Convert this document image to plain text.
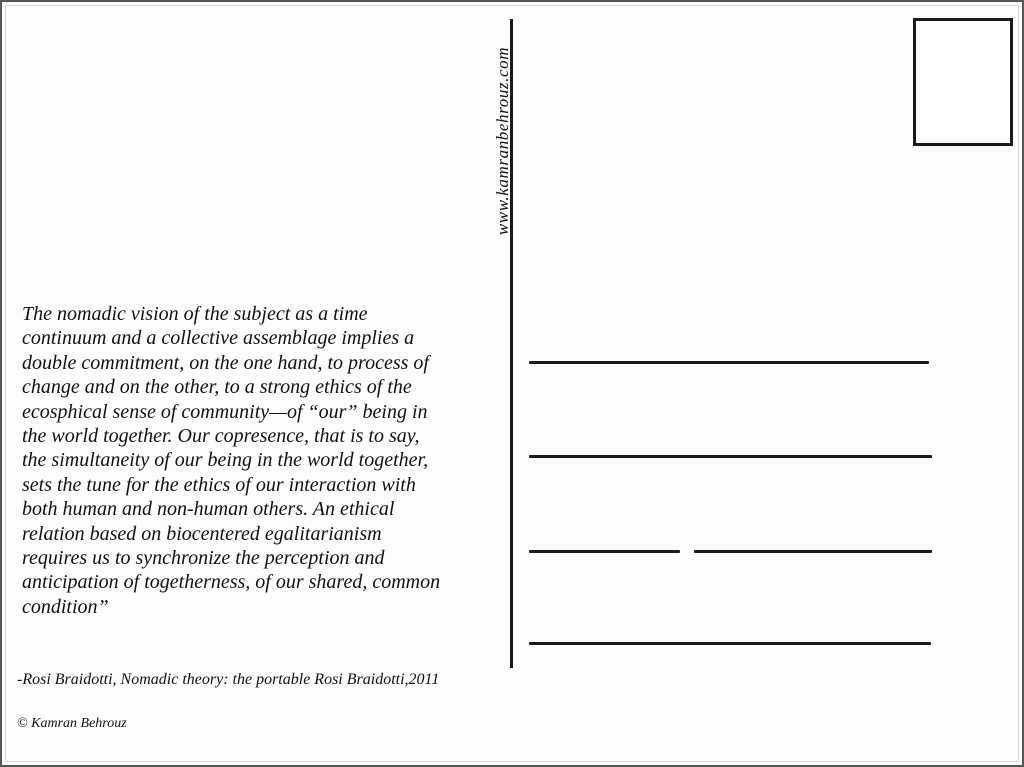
The nomadic vision of the subject as a time
continuum and a collective assemblage implies a
double commitment, on the one hand, to process of
change and on the other, to a strong ethics of the
ecosphical sense of community—of “our” being in
the world together. Our copresence, that is to say,
the simultaneity of our being in the world together,
sets the tune for the ethics of our interaction with
both human and non-human others. An ethical
relation based on biocentered egalitarianism
requires us to synchronize the perception and
anticipation of togetherness, of our shared, common
condition”

-Rosi Braidotti, Nomadic theory: the portable Rosi Braidotti,2011

© Kamran Behrouz

www.kamranbehrouz.com
